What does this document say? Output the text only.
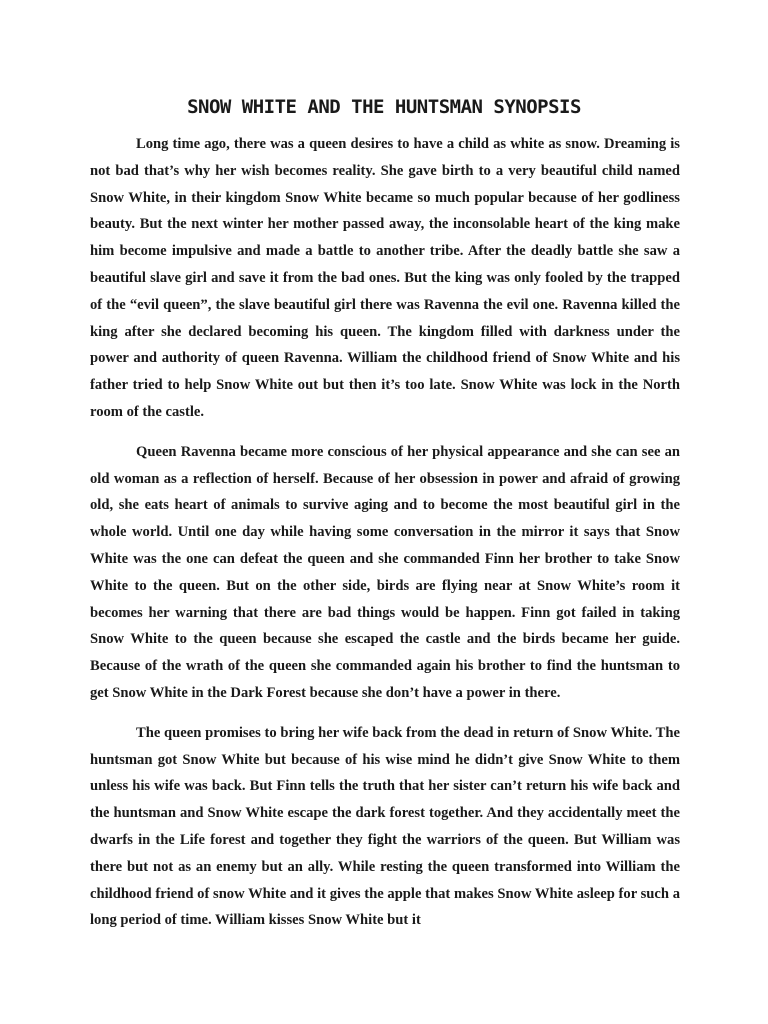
SNOW WHITE AND THE HUNTSMAN SYNOPSIS

Long time ago, there was a queen desires to have a child as white as snow. Dreaming is not bad that’s why her wish becomes reality. She gave birth to a very beautiful child named Snow White, in their kingdom Snow White became so much popular because of her godliness beauty. But the next winter her mother passed away, the inconsolable heart of the king make him become impulsive and made a battle to another tribe. After the deadly battle she saw a beautiful slave girl and save it from the bad ones. But the king was only fooled by the trapped of the “evil queen”, the slave beautiful girl there was Ravenna the evil one. Ravenna killed the king after she declared becoming his queen. The kingdom filled with darkness under the power and authority of queen Ravenna. William the childhood friend of Snow White and his father tried to help Snow White out but then it’s too late. Snow White was lock in the North room of the castle.

Queen Ravenna became more conscious of her physical appearance and she can see an old woman as a reflection of herself. Because of her obsession in power and afraid of growing old, she eats heart of animals to survive aging and to become the most beautiful girl in the whole world. Until one day while having some conversation in the mirror it says that Snow White was the one can defeat the queen and she commanded Finn her brother to take Snow White to the queen. But on the other side, birds are flying near at Snow White’s room it becomes her warning that there are bad things would be happen. Finn got failed in taking Snow White to the queen because she escaped the castle and the birds became her guide. Because of the wrath of the queen she commanded again his brother to find the huntsman to get Snow White in the Dark Forest because she don’t have a power in there.

The queen promises to bring her wife back from the dead in return of Snow White. The huntsman got Snow White but because of his wise mind he didn’t give Snow White to them unless his wife was back. But Finn tells the truth that her sister can’t return his wife back and the huntsman and Snow White escape the dark forest together. And they accidentally meet the dwarfs in the Life forest and together they fight the warriors of the queen. But William was there but not as an enemy but an ally. While resting the queen transformed into William the childhood friend of snow White and it gives the apple that makes Snow White asleep for such a long period of time. William kisses Snow White but it
